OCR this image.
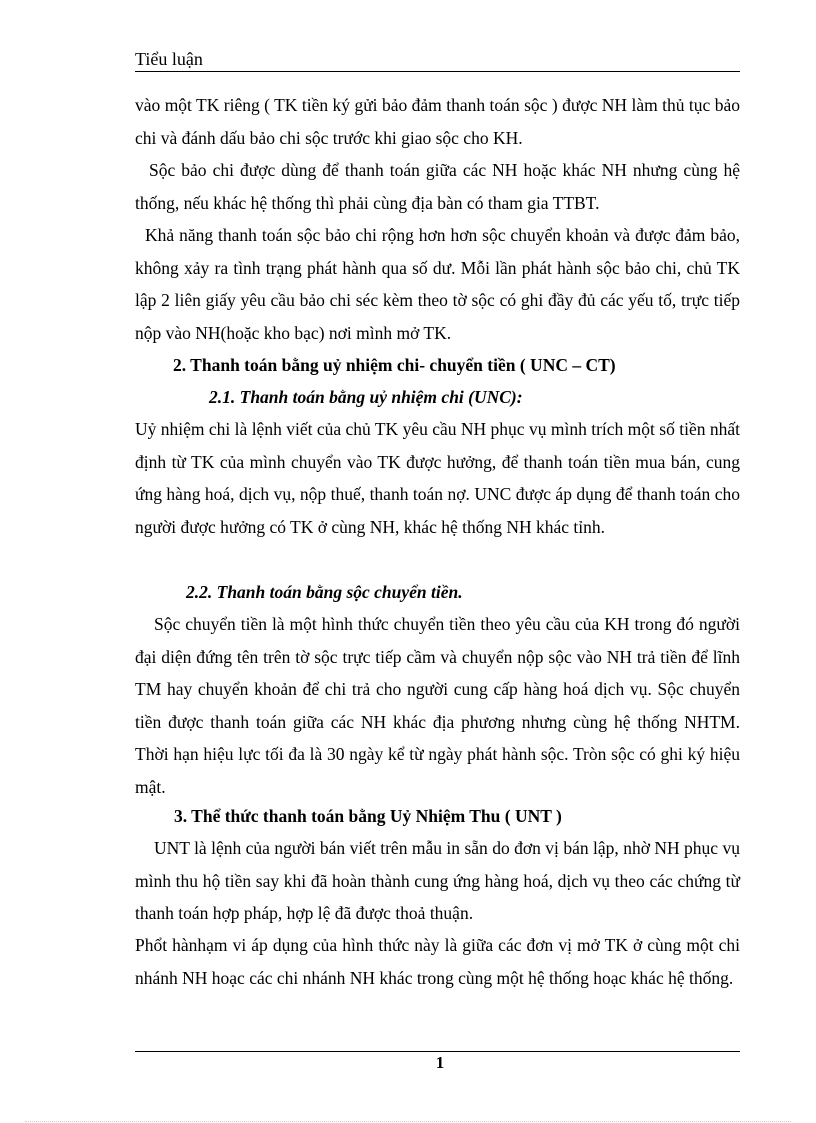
Tiểu luận

vào một TK riêng ( TK tiền ký gửi bảo đảm thanh toán sộc ) được NH làm thủ tục bảo chi và đánh dấu bảo chi sộc trước khi giao sộc cho KH.

Sộc bảo chi được dùng để thanh toán giữa các NH hoặc khác NH nhưng cùng hệ thống, nếu khác hệ thống thì phải cùng địa bàn có tham gia TTBT.

Khả năng thanh toán sộc bảo chi rộng hơn hơn sộc chuyển khoản và được đảm bảo, không xảy ra tình trạng phát hành qua số dư. Mỗi lần phát hành sộc bảo chi, chủ TK lập 2 liên giấy yêu cầu bảo chi séc kèm theo tờ sộc có ghi đầy đủ các yếu tố, trực tiếp nộp vào NH(hoặc kho bạc) nơi mình mở TK.

2. Thanh toán bằng uỷ nhiệm chi- chuyển tiền ( UNC – CT)

2.1. Thanh toán bằng uỷ nhiệm chi (UNC):

Uỷ nhiệm chi là lệnh viết của chủ TK yêu cầu NH phục vụ mình trích một số tiền nhất định từ TK của mình chuyển vào TK được hưởng, để thanh toán tiền mua bán, cung ứng hàng hoá, dịch vụ, nộp thuế, thanh toán nợ. UNC được áp dụng để thanh toán cho người được hưởng có TK ở cùng NH, khác hệ thống NH khác tỉnh.

2.2. Thanh toán bằng sộc chuyển tiền.

Sộc chuyển tiền là một hình thức chuyển tiền theo yêu cầu của KH trong đó người đại diện đứng tên trên tờ sộc trực tiếp cầm và chuyển nộp sộc vào NH trả tiền để lĩnh TM hay chuyển khoản để chi trả cho người cung cấp hàng hoá dịch vụ. Sộc chuyển tiền được thanh toán giữa các NH khác địa phương nhưng cùng hệ thống NHTM. Thời hạn hiệu lực tối đa là 30 ngày kể từ ngày phát hành sộc. Tròn sộc có ghi ký hiệu mật.

3. Thể thức thanh toán bằng Uỷ Nhiệm Thu ( UNT )

UNT là lệnh của người bán viết trên mẫu in sẵn do đơn vị bán lập, nhờ NH phục vụ mình thu hộ tiền say khi đã hoàn thành cung ứng hàng hoá, dịch vụ theo các chứng từ thanh toán hợp pháp, hợp lệ đã được thoả thuận.

Phổt hànhạm vi áp dụng của hình thức này là giữa các đơn vị mở TK ở cùng một chi nhánh NH hoạc các chi nhánh NH khác trong cùng một hệ thống hoạc khác hệ thống.

1
